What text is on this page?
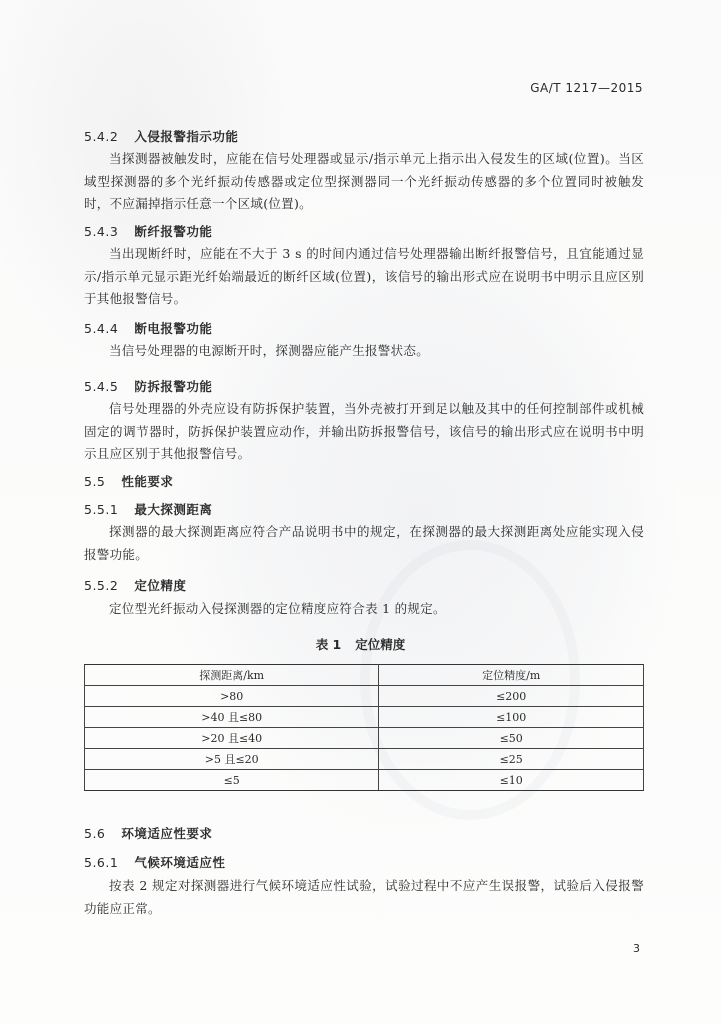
GA/T 1217—2015
5.4.2 入侵报警指示功能
当探测器被触发时，应能在信号处理器或显示/指示单元上指示出入侵发生的区域(位置)。当区域型探测器的多个光纤振动传感器或定位型探测器同一个光纤振动传感器的多个位置同时被触发时，不应漏掉指示任意一个区域(位置)。
5.4.3 断纤报警功能
当出现断纤时，应能在不大于 3 s 的时间内通过信号处理器输出断纤报警信号，且宜能通过显示/指示单元显示距光纤始端最近的断纤区域(位置)，该信号的输出形式应在说明书中明示且应区别于其他报警信号。
5.4.4 断电报警功能
当信号处理器的电源断开时，探测器应能产生报警状态。
5.4.5 防拆报警功能
信号处理器的外壳应设有防拆保护装置，当外壳被打开到足以触及其中的任何控制部件或机械固定的调节器时，防拆保护装置应动作，并输出防拆报警信号，该信号的输出形式应在说明书中明示且应区别于其他报警信号。
5.5 性能要求
5.5.1 最大探测距离
探测器的最大探测距离应符合产品说明书中的规定，在探测器的最大探测距离处应能实现入侵报警功能。
5.5.2 定位精度
定位型光纤振动入侵探测器的定位精度应符合表 1 的规定。
表 1 定位精度
探测距离/km	定位精度/m
>80	≤200
>40 且≤80	≤100
>20 且≤40	≤50
>5 且≤20	≤25
≤5	≤10
5.6 环境适应性要求
5.6.1 气候环境适应性
按表 2 规定对探测器进行气候环境适应性试验，试验过程中不应产生误报警，试验后入侵报警功能应正常。
3
